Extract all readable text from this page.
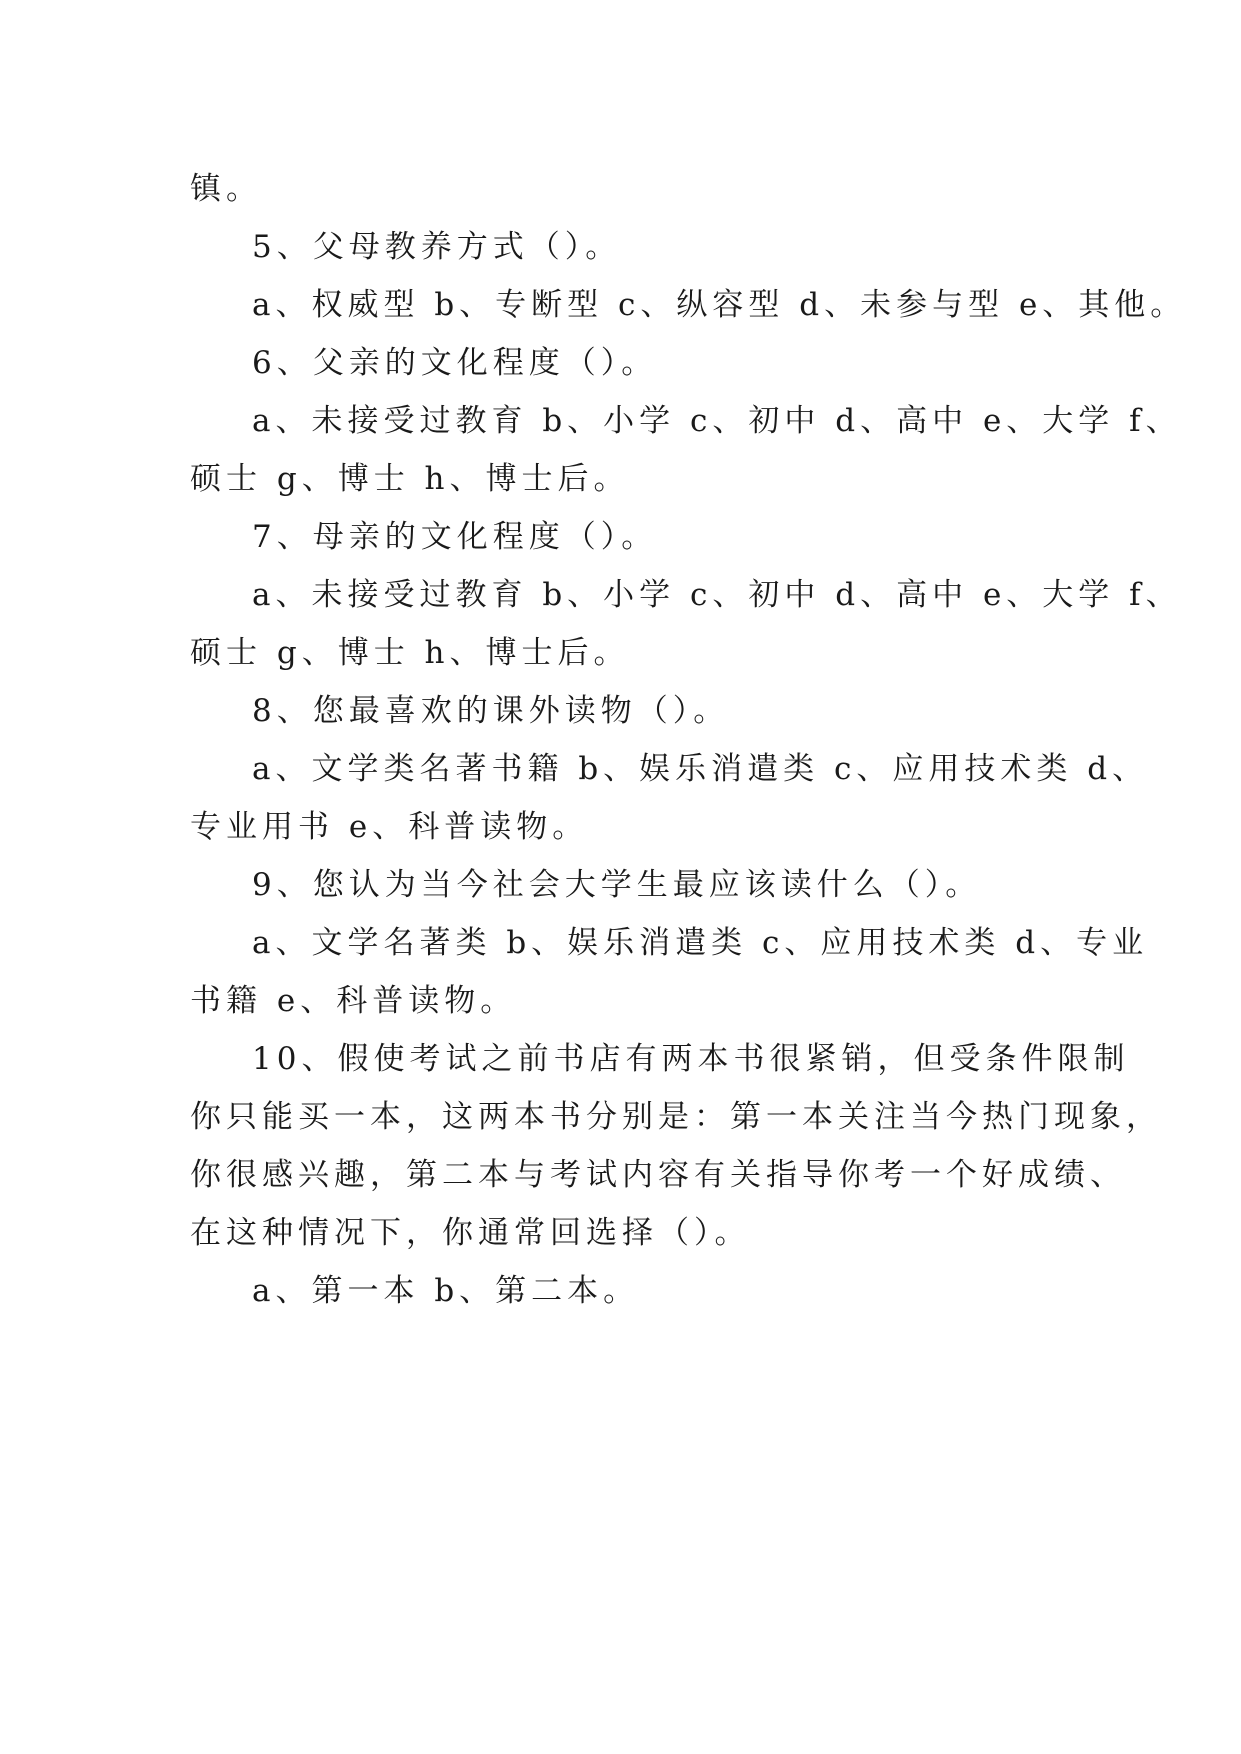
镇。
5、父母教养方式（）。
a、权威型 b、专断型 c、纵容型 d、未参与型 e、其他。
6、父亲的文化程度（）。
a、未接受过教育 b、小学 c、初中 d、高中 e、大学 f、
硕士 g、博士 h、博士后。
7、母亲的文化程度（）。
a、未接受过教育 b、小学 c、初中 d、高中 e、大学 f、
硕士 g、博士 h、博士后。
8、您最喜欢的课外读物（）。
a、文学类名著书籍 b、娱乐消遣类 c、应用技术类 d、
专业用书 e、科普读物。
9、您认为当今社会大学生最应该读什么（）。
a、文学名著类 b、娱乐消遣类 c、应用技术类 d、专业
书籍 e、科普读物。
10、假使考试之前书店有两本书很紧销，但受条件限制
你只能买一本，这两本书分别是：第一本关注当今热门现象，
你很感兴趣，第二本与考试内容有关指导你考一个好成绩、
在这种情况下，你通常回选择（）。
a、第一本 b、第二本。
